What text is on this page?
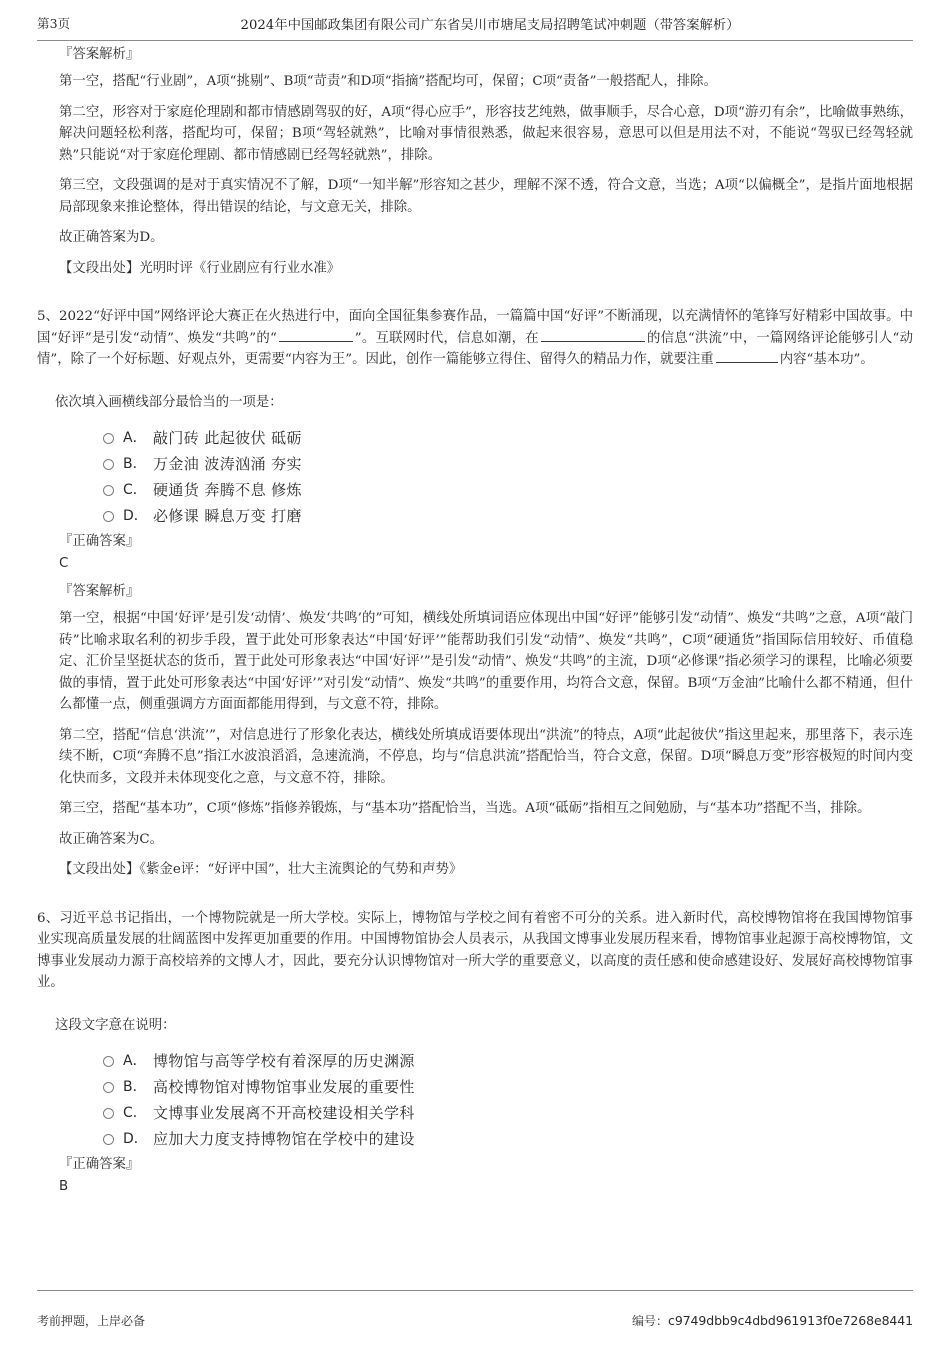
第3页	2024年中国邮政集团有限公司广东省吴川市塘尾支局招聘笔试冲刺题（带答案解析）
『答案解析』
第一空，搭配“行业剧”，A项“挑剔”、B项“苛责”和D项“指摘”搭配均可，保留；C项“责备”一般搭配人，排除。
第二空，形容对于家庭伦理剧和都市情感剧驾驭的好，A项“得心应手”，形容技艺纯熟，做事顺手，尽合心意，D项“游刃有余”，比喻做事熟练，解决问题轻松利落，搭配均可，保留；B项“驾轻就熟”，比喻对事情很熟悉，做起来很容易，意思可以但是用法不对，不能说“驾驭已经驾轻就熟”只能说“对于家庭伦理剧、都市情感剧已经驾轻就熟”，排除。
第三空，文段强调的是对于真实情况不了解，D项“一知半解”形容知之甚少，理解不深不透，符合文意，当选；A项“以偏概全”，是指片面地根据局部现象来推论整体，得出错误的结论，与文意无关，排除。
故正确答案为D。
【文段出处】光明时评《行业剧应有行业水准》
5、2022“好评中国”网络评论大赛正在火热进行中，面向全国征集参赛作品，一篇篇中国“好评”不断涌现，以充满情怀的笔锋写好精彩中国故事。中国“好评”是引发“动情”、焕发“共鸣”的“	”。互联网时代，信息如潮，在	的信息“洪流”中，一篇网络评论能够引人“动情”，除了一个好标题、好观点外，更需要“内容为王”。因此，创作一篇能够立得住、留得久的精品力作，就要注重	内容“基本功”。
依次填入画横线部分最恰当的一项是：
A． 敲门砖 此起彼伏 砥砺
B． 万金油 波涛汹涌 夯实
C． 硬通货 奔腾不息 修炼
D． 必修课 瞬息万变 打磨
『正确答案』
C
『答案解析』
第一空，根据“中国‘好评’是引发‘动情’、焕发‘共鸣’的”可知，横线处所填词语应体现出中国“好评”能够引发“动情”、焕发“共鸣”之意，A项“敲门砖”比喻求取名利的初步手段，置于此处可形象表达“中国‘好评’”能帮助我们引发“动情”、焕发“共鸣”，C项“硬通货”指国际信用较好、币值稳定、汇价呈坚挺状态的货币，置于此处可形象表达“中国‘好评’”是引发“动情”、焕发“共鸣”的主流，D项“必修课”指必须学习的课程，比喻必须要做的事情，置于此处可形象表达“中国‘好评’”对引发“动情”、焕发“共鸣”的重要作用，均符合文意，保留。B项“万金油”比喻什么都不精通，但什么都懂一点，侧重强调方方面面都能用得到，与文意不符，排除。
第二空，搭配“信息‘洪流’”，对信息进行了形象化表达，横线处所填成语要体现出“洪流”的特点，A项“此起彼伏”指这里起来，那里落下，表示连续不断，C项“奔腾不息”指江水波浪滔滔，急速流淌，不停息，均与“信息洪流”搭配恰当，符合文意，保留。D项“瞬息万变”形容极短的时间内变化快而多，文段并未体现变化之意，与文意不符，排除。
第三空，搭配“基本功”，C项“修炼”指修养锻炼，与“基本功”搭配恰当，当选。A项“砥砺”指相互之间勉励，与“基本功”搭配不当，排除。
故正确答案为C。
【文段出处】《紫金e评：“好评中国”，壮大主流舆论的气势和声势》
6、习近平总书记指出，一个博物院就是一所大学校。实际上，博物馆与学校之间有着密不可分的关系。进入新时代，高校博物馆将在我国博物馆事业实现高质量发展的壮阔蓝图中发挥更加重要的作用。中国博物馆协会人员表示，从我国文博事业发展历程来看，博物馆事业起源于高校博物馆，文博事业发展动力源于高校培养的文博人才，因此，要充分认识博物馆对一所大学的重要意义，以高度的责任感和使命感建设好、发展好高校博物馆事业。
这段文字意在说明：
A． 博物馆与高等学校有着深厚的历史渊源
B． 高校博物馆对博物馆事业发展的重要性
C． 文博事业发展离不开高校建设相关学科
D． 应加大力度支持博物馆在学校中的建设
『正确答案』
B
考前押题，上岸必备	编号：c9749dbb9c4dbd961913f0e7268e8441
